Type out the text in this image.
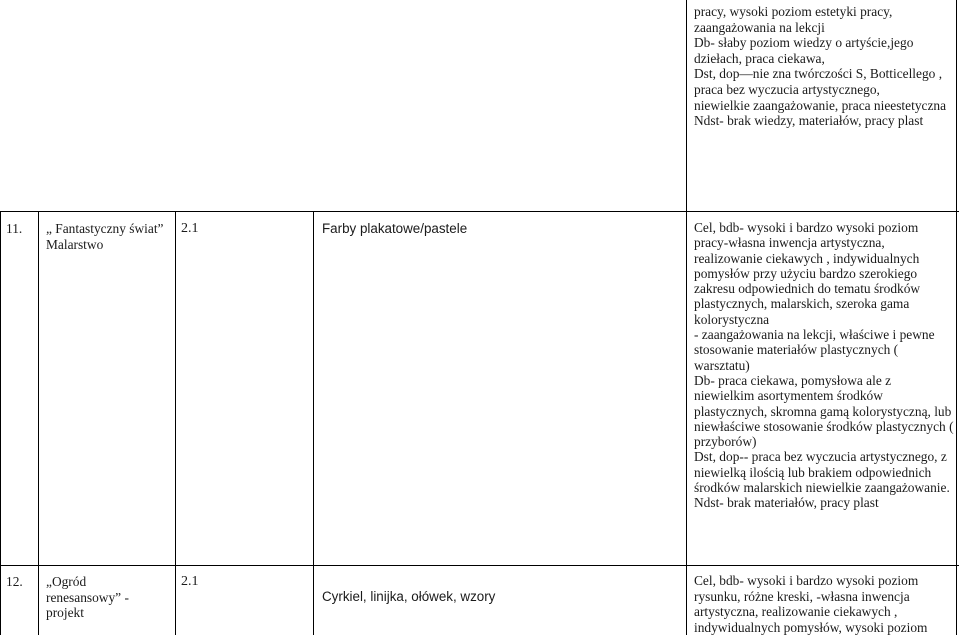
pracy, wysoki poziom estetyki pracy,
zaangażowania na lekcji
Db- słaby poziom wiedzy o artyście,jego
dziełach, praca ciekawa,
Dst, dop—nie zna twórczości S, Botticellego ,
praca bez wyczucia artystycznego,
niewielkie zaangażowanie, praca nieestetyczna
Ndst- brak wiedzy, materiałów, pracy plast
11. „ Fantastyczny świat”
Malarstwo
2.1	Farby plakatowe/pastele	Cel, bdb- wysoki i bardzo wysoki poziom
pracy-własna inwencja artystyczna,
realizowanie ciekawych , indywidualnych
pomysłów przy użyciu bardzo szerokiego
zakresu odpowiednich do tematu środków
plastycznych, malarskich, szeroka gama
kolorystyczna
- zaangażowania na lekcji, właściwe i pewne
stosowanie materiałów plastycznych (
warsztatu)
Db- praca ciekawa, pomysłowa ale z
niewielkim asortymentem środków
plastycznych, skromna gamą kolorystyczną, lub
niewłaściwe stosowanie środków plastycznych (
przyborów)
Dst, dop-- praca bez wyczucia artystycznego, z
niewielką ilością lub brakiem odpowiednich
środków malarskich niewielkie zaangażowanie.
Ndst- brak materiałów, pracy plast
12. „Ogród
renesansowy” -
projekt
2.1
Cyrkiel, linijka, ołówek, wzory
Cel, bdb- wysoki i bardzo wysoki poziom
rysunku, różne kreski, -własna inwencja
artystyczna, realizowanie ciekawych ,
indywidualnych pomysłów, wysoki poziom
